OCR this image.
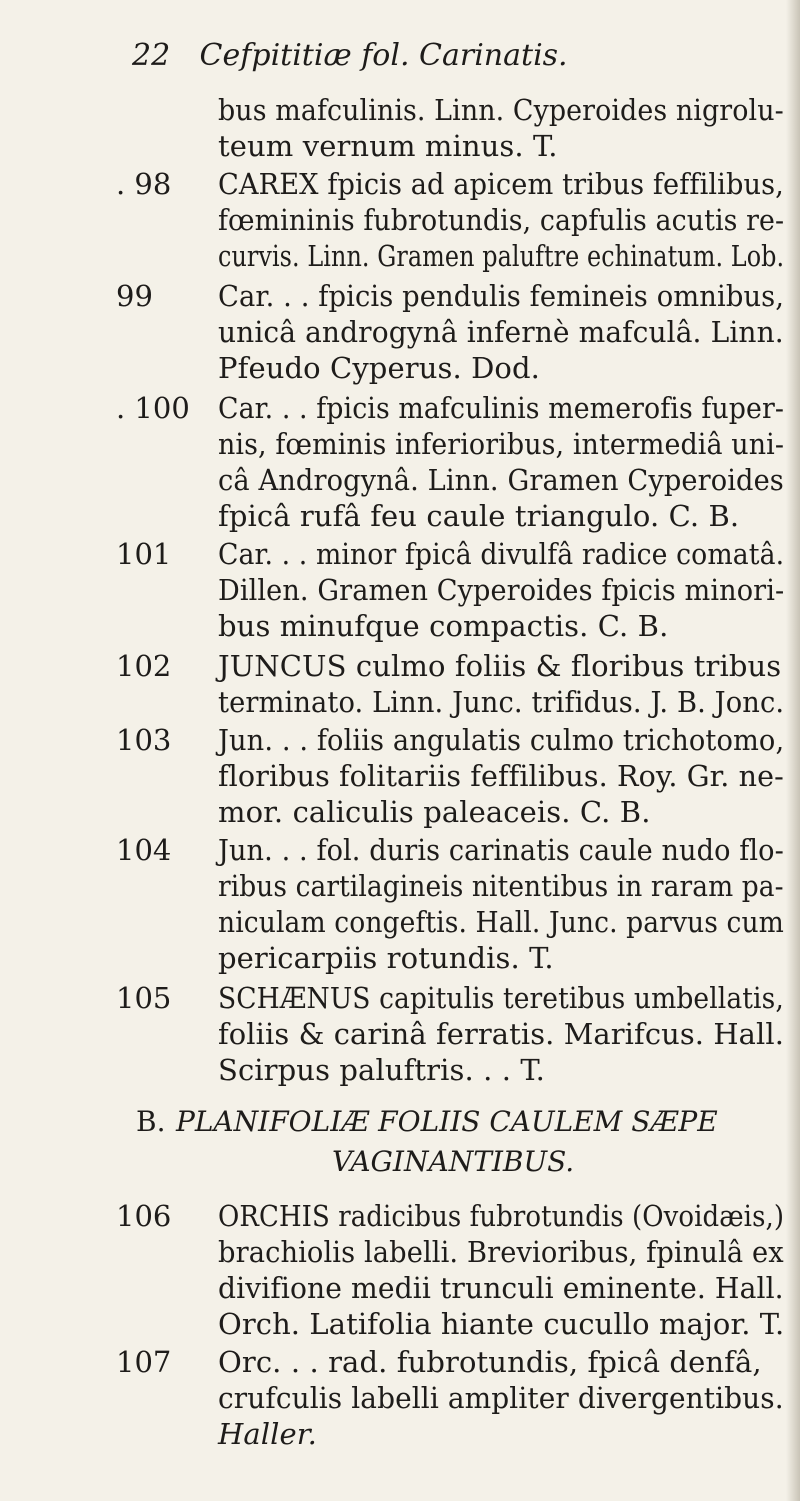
22 Cefpititiæ fol. Carinatis.
bus mafculinis. Linn. Cyperoides nigrolu-
teum vernum minus. T.
. 98 CAREX fpicis ad apicem tribus feffilibus,
fœmininis fubrotundis, capfulis acutis re-
curvis. Linn. Gramen paluftre echinatum. Lob.
99 Car. . . fpicis pendulis femineis omnibus,
unicâ androgynâ infernè mafculâ. Linn.
Pfeudo Cyperus. Dod.
. 100 Car. . . fpicis mafculinis memerofis fuper-
nis, fœminis inferioribus, intermediâ uni-
câ Androgynâ. Linn. Gramen Cyperoides
fpicâ rufâ feu caule triangulo. C. B.
101 Car. . . minor fpicâ divulfâ radice comatâ.
Dillen. Gramen Cyperoides fpicis minori-
bus minufque compactis. C. B.
102 JUNCUS culmo foliis & floribus tribus
terminato. Linn. Junc. trifidus. J. B. Jonc.
103 Jun. . . foliis angulatis culmo trichotomo,
floribus folitariis feffilibus. Roy. Gr. ne-
mor. caliculis paleaceis. C. B.
104 Jun. . . fol. duris carinatis caule nudo flo-
ribus cartilagineis nitentibus in raram pa-
niculam congeftis. Hall. Junc. parvus cum
pericarpiis rotundis. T.
105 SCHÆNUS capitulis teretibus umbellatis,
foliis & carinâ ferratis. Marifcus. Hall.
Scirpus paluftris. . . T.
B. PLANIFOLIÆ FOLIIS CAULEM SÆPE
VAGINANTIBUS.
106 ORCHIS radicibus fubrotundis (Ovoidæis,)
brachiolis labelli. Brevioribus, fpinulâ ex
divifione medii trunculi eminente. Hall.
Orch. Latifolia hiante cucullo major. T.
107 Orc. . . rad. fubrotundis, fpicâ denfâ,
crufculis labelli ampliter divergentibus.
Haller.
